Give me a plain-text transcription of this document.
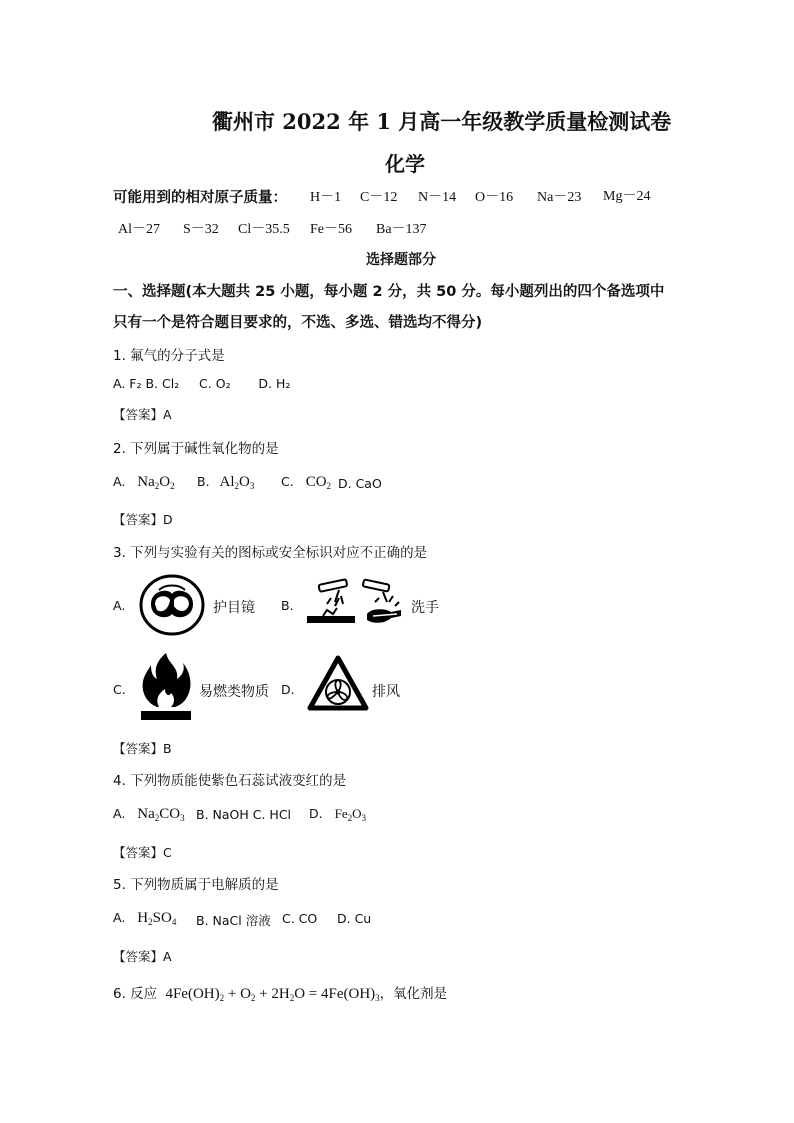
衢州市 2022 年 1 月高一年级教学质量检测试卷
化学
可能用到的相对原子质量： H－1 C－12 N－14 O－16 Na－23 Mg－24
Al－27 S－32 Cl－35.5 Fe－56 Ba－137
选择题部分
一、选择题(本大题共 25 小题，每小题 2 分，共 50 分。每小题列出的四个备选项中
只有一个是符合题目要求的，不选、多选、错选均不得分)
1. 氟气的分子式是
A. F₂ B. Cl₂     C. O₂       D. H₂
【答案】A
2. 下列属于碱性氧化物的是
A. $Na_2O_2$ B. $Al_2O_3$ C. $CO_2$ D. CaO
【答案】D
3. 下列与实验有关的图标或安全标识对应不正确的是
A.	护目镜 B.	洗手
C.	易燃类物质 D.	排风
【答案】B
4. 下列物质能使紫色石蕊试液变红的是
A. $Na_2CO_3$ B. NaOH C. HCl D. $Fe_2O_3$
【答案】C
5. 下列物质属于电解质的是
A. $H_2SO_4$ B. NaCl 溶液 C. CO D. Cu
【答案】A
6. 反应 $4Fe(OH)_2 + O_2 + 2H_2O = 4Fe(OH)_3$，氧化剂是
